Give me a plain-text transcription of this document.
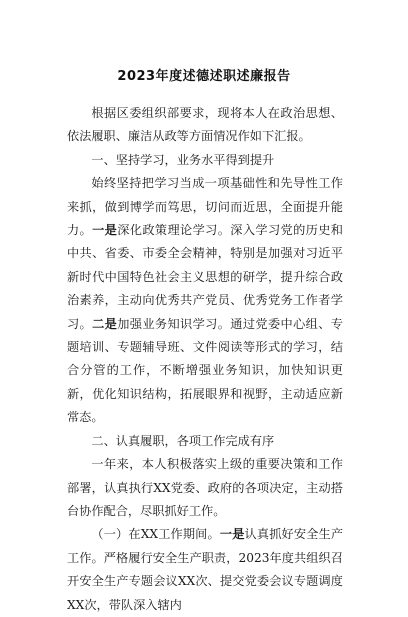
2023年度述德述职述廉报告

根据区委组织部要求，现将本人在政治思想、依法履职、廉洁从政等方面情况作如下汇报。

一、坚持学习，业务水平得到提升

始终坚持把学习当成一项基础性和先导性工作来抓，做到博学而笃思，切问而近思，全面提升能力。一是深化政策理论学习。深入学习党的历史和中共、省委、市委全会精神，特别是加强对习近平新时代中国特色社会主义思想的研学，提升综合政治素养，主动向优秀共产党员、优秀党务工作者学习。二是加强业务知识学习。通过党委中心组、专题培训、专题辅导班、文件阅读等形式的学习，结合分管的工作，不断增强业务知识，加快知识更新，优化知识结构，拓展眼界和视野，主动适应新常态。

二、认真履职，各项工作完成有序

一年来，本人积极落实上级的重要决策和工作部署，认真执行XX党委、政府的各项决定，主动搭台协作配合，尽职抓好工作。

（一）在XX工作期间。一是认真抓好安全生产工作。严格履行安全生产职责，2023年度共组织召开安全生产专题会议XX次、提交党委会议专题调度XX次，带队深入辖内
